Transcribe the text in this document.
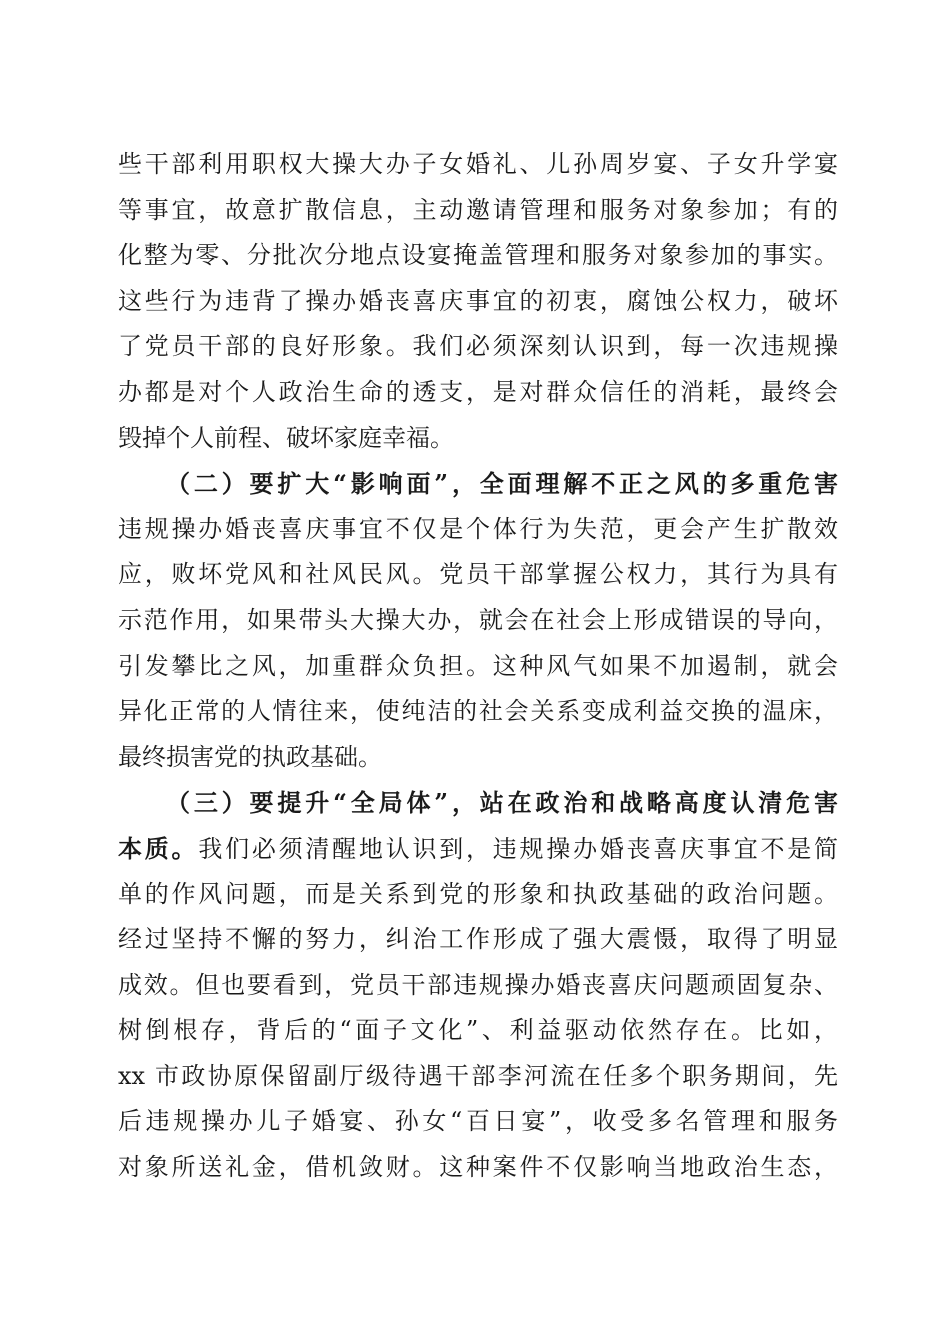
些干部利用职权大操大办子女婚礼、儿孙周岁宴、子女升学宴
等事宜，故意扩散信息，主动邀请管理和服务对象参加；有的
化整为零、分批次分地点设宴掩盖管理和服务对象参加的事实。
这些行为违背了操办婚丧喜庆事宜的初衷，腐蚀公权力，破坏
了党员干部的良好形象。我们必须深刻认识到，每一次违规操
办都是对个人政治生命的透支，是对群众信任的消耗，最终会
毁掉个人前程、破坏家庭幸福。
（二）要扩大“影响面”，全面理解不正之风的多重危害
违规操办婚丧喜庆事宜不仅是个体行为失范，更会产生扩散效
应，败坏党风和社风民风。党员干部掌握公权力，其行为具有
示范作用，如果带头大操大办，就会在社会上形成错误的导向，
引发攀比之风，加重群众负担。这种风气如果不加遏制，就会
异化正常的人情往来，使纯洁的社会关系变成利益交换的温床，
最终损害党的执政基础。
（三）要提升“全局体”，站在政治和战略高度认清危害
本质。我们必须清醒地认识到，违规操办婚丧喜庆事宜不是简
单的作风问题，而是关系到党的形象和执政基础的政治问题。
经过坚持不懈的努力，纠治工作形成了强大震慑，取得了明显
成效。但也要看到，党员干部违规操办婚丧喜庆问题顽固复杂、
树倒根存，背后的“面子文化”、利益驱动依然存在。比如，
xx 市政协原保留副厅级待遇干部李河流在任多个职务期间，先
后违规操办儿子婚宴、孙女“百日宴”，收受多名管理和服务
对象所送礼金，借机敛财。这种案件不仅影响当地政治生态，
